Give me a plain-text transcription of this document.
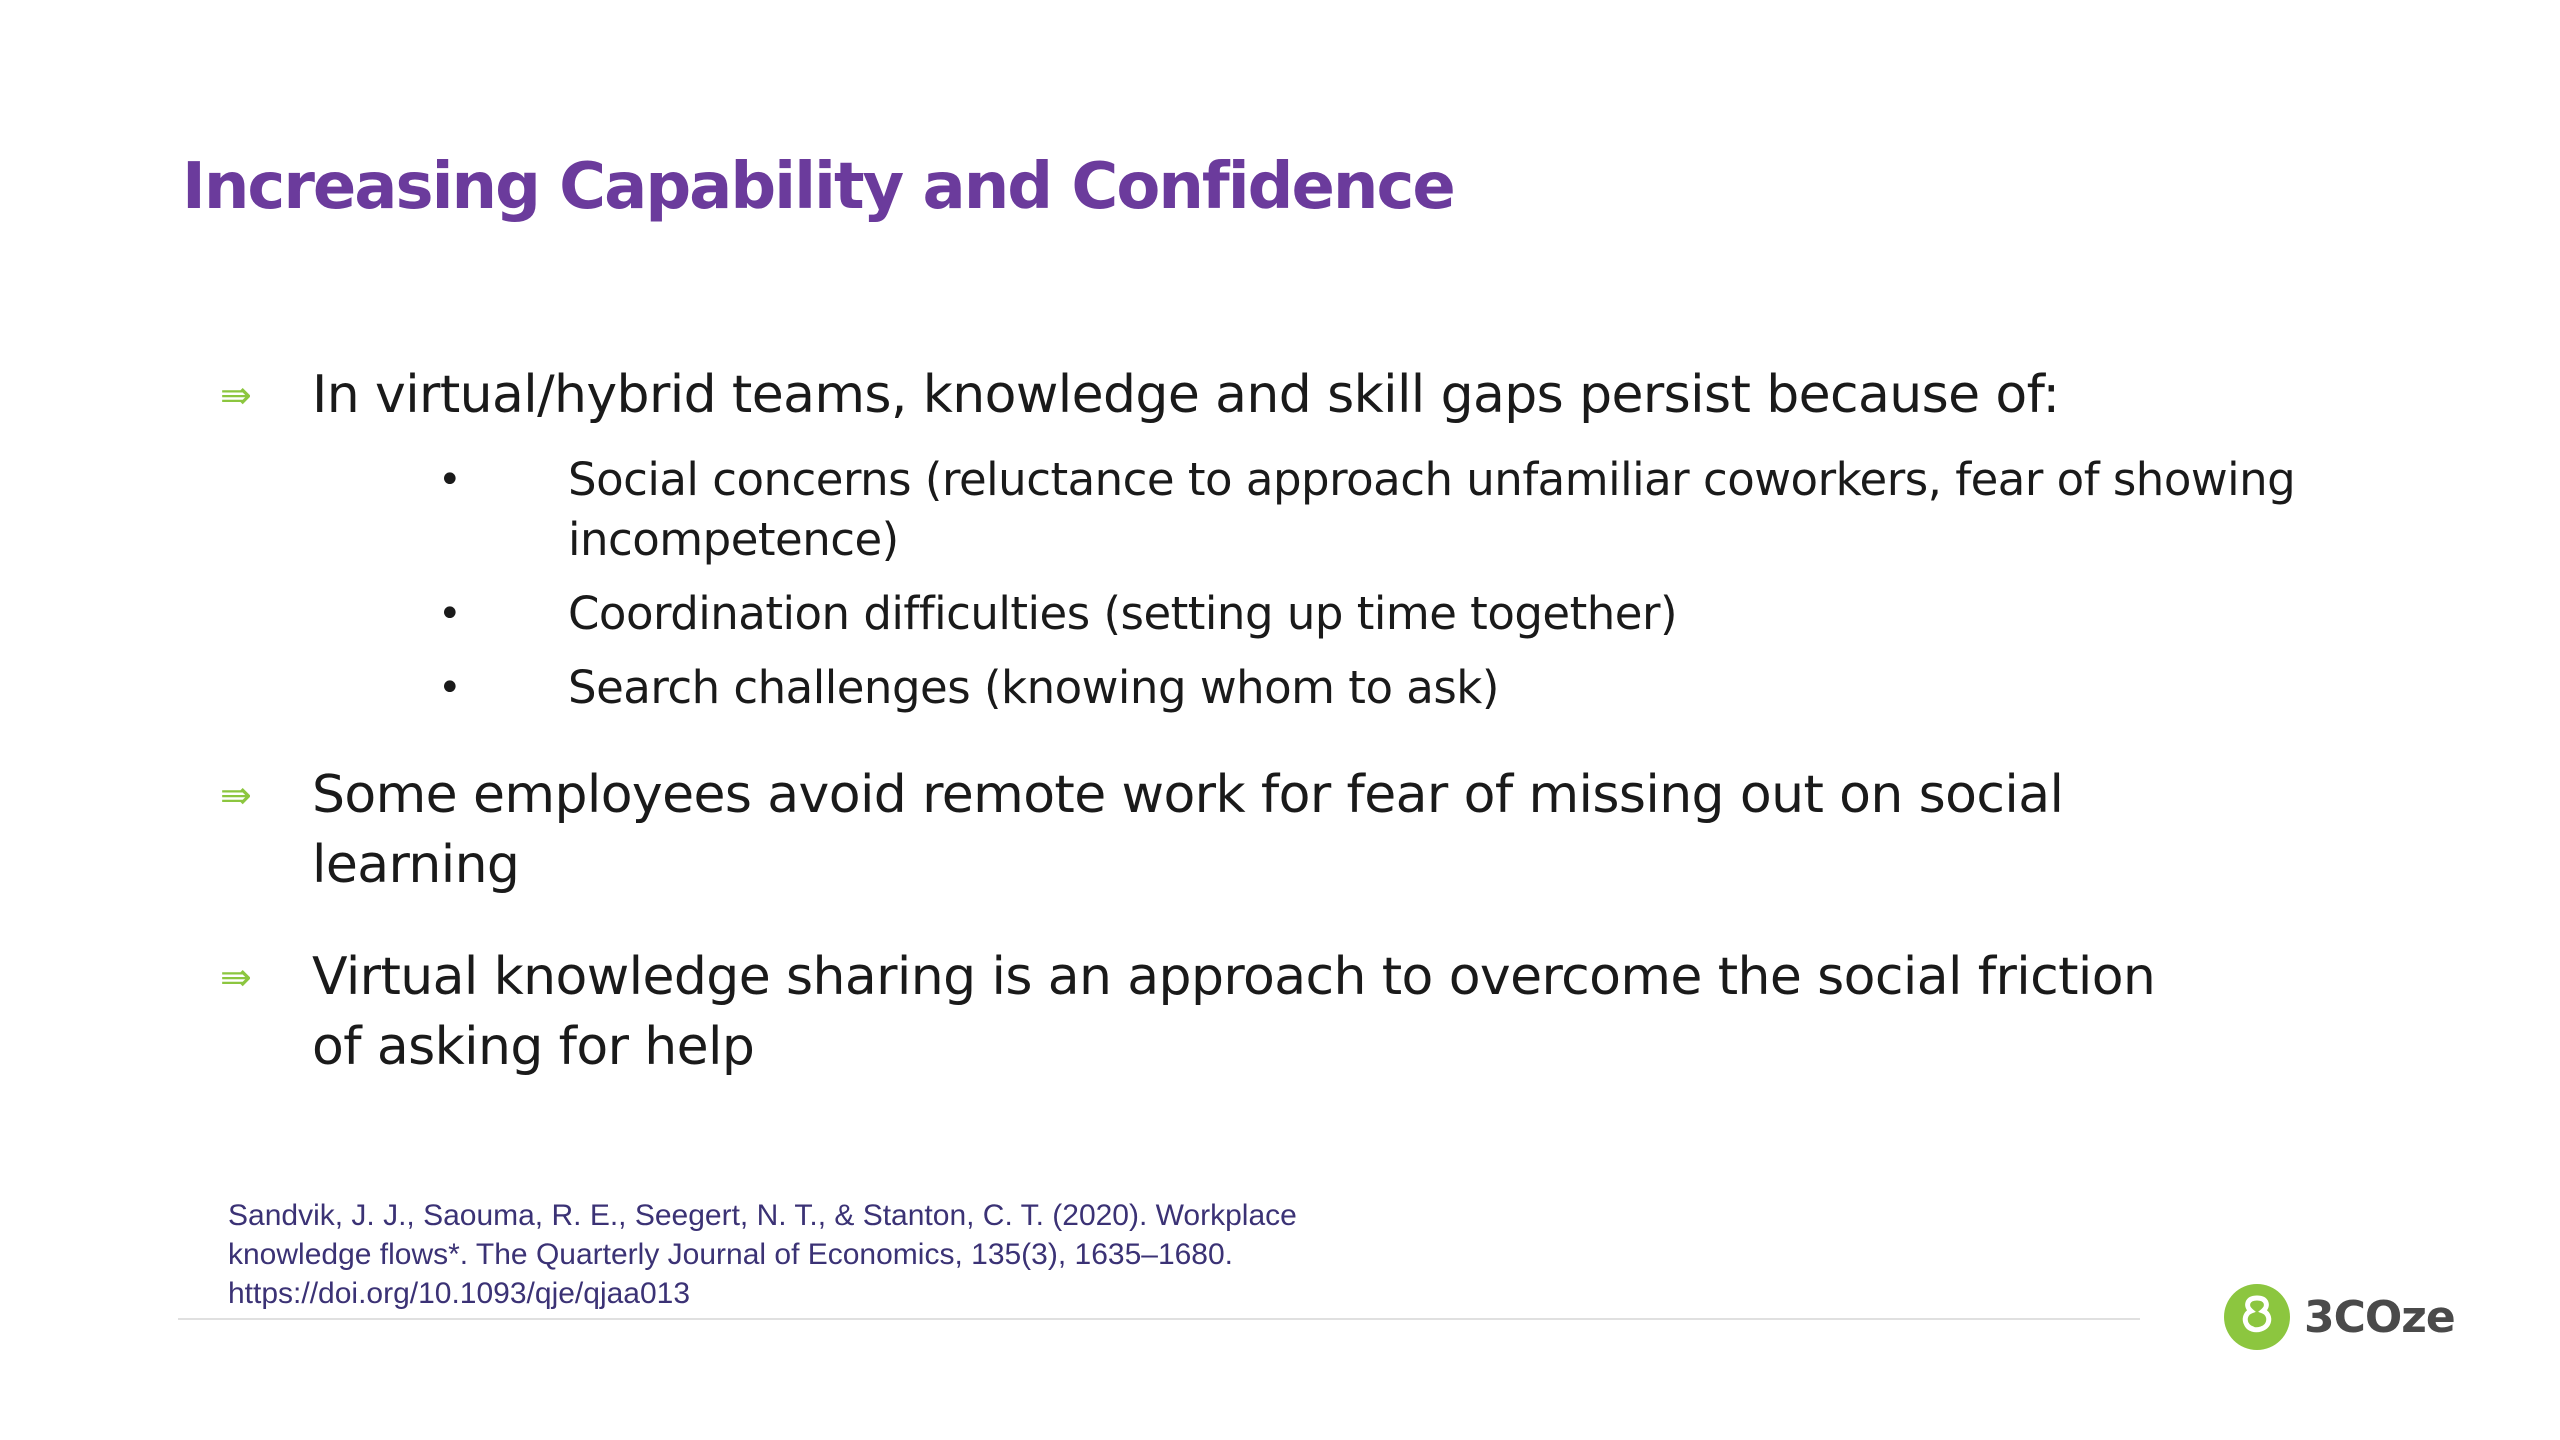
Increasing Capability and Confidence
⇛	In virtual/hybrid teams, knowledge and skill gaps persist because of:
•	Social concerns (reluctance to approach unfamiliar coworkers, fear of showing incompetence)
•	Coordination difficulties (setting up time together)
•	Search challenges (knowing whom to ask)
⇛	Some employees avoid remote work for fear of missing out on social learning
⇛	Virtual knowledge sharing is an approach to overcome the social friction of asking for help
Sandvik, J. J., Saouma, R. E., Seegert, N. T., & Stanton, C. T. (2020). Workplace knowledge flows*. The Quarterly Journal of Economics, 135(3), 1635–1680. https://doi.org/10.1093/qje/qjaa013	3COze
